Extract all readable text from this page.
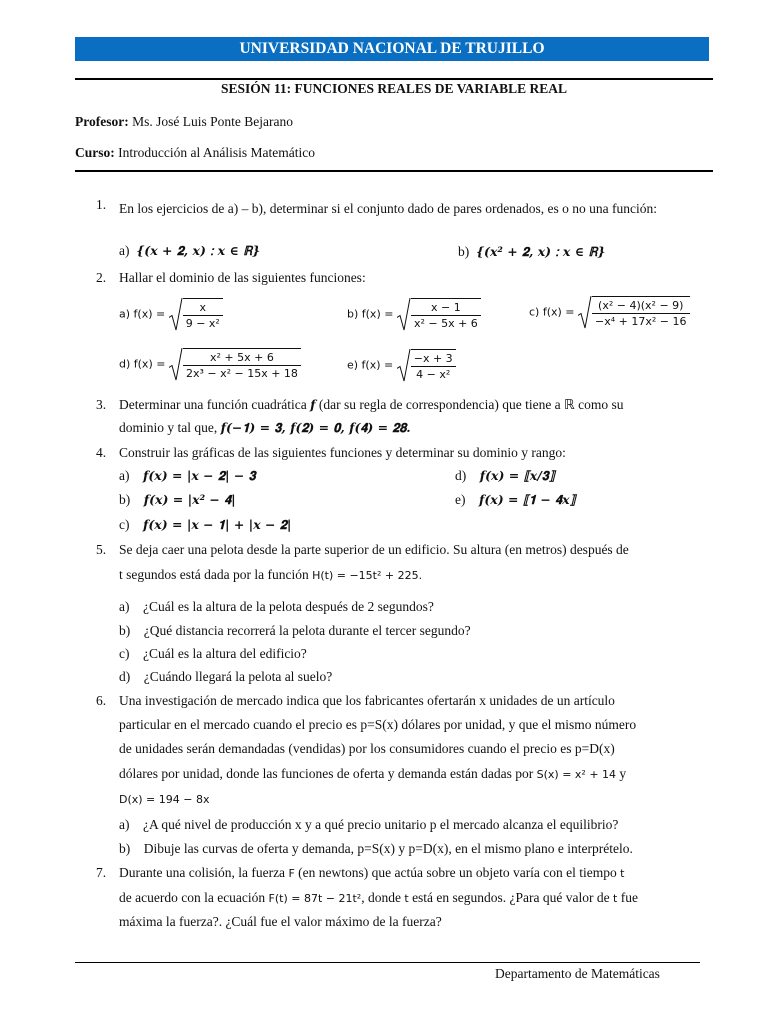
UNIVERSIDAD NACIONAL DE TRUJILLO
SESIÓN 11: FUNCIONES REALES DE VARIABLE REAL
Profesor: Ms. José Luis Ponte Bejarano
Curso: Introducción al Análisis Matemático
1. En los ejercicios de a) – b), determinar si el conjunto dado de pares ordenados, es o no una función:
a) {(𝒙 + 𝟐, 𝒙) ∶ 𝒙 ∈ ℝ}	b) {(𝒙² + 𝟐, 𝒙) ∶ 𝒙 ∈ ℝ}
2. Hallar el dominio de las siguientes funciones:
a) $f(x) = \frac{x}{\text{9 − x²}}$	b) $f(x) = \frac{x - 1}{\text{x² − 5x + 6}}$	c) $f(x) = \frac{\text{(x² − 4)(x² − 9)}}{\text{−x⁴ + 17x² − 16}}$
d) $f(x) = \frac{\text{x² + 5x + 6}}{\text{2x³ − x² − 15x + 18}}$	e) $f(x) = \frac{-x + 3}{\text{4 − x²}}$
3. Determinar una función cuadrática 𝒇 (dar su regla de correspondencia) que tiene a ℝ como su
dominio y tal que, 𝒇(−𝟏) = 𝟑, 𝒇(𝟐) = 𝟎, 𝒇(𝟒) = 𝟐𝟖.
4. Construir las gráficas de las siguientes funciones y determinar su dominio y rango:
a) 𝒇(𝒙) = |𝒙 − 𝟐| − 𝟑	d) 𝒇(𝒙) = ⟦𝒙/𝟑⟧
b) 𝒇(𝒙) = |𝒙² − 𝟒|	e) 𝒇(𝒙) = ⟦𝟏 − 𝟒𝒙⟧
c) 𝒇(𝒙) = |𝒙 − 𝟏| + |𝒙 − 𝟐|
5. Se deja caer una pelota desde la parte superior de un edificio. Su altura (en metros) después de
t segundos está dada por la función H(t) = −15t² + 225.
a) ¿Cuál es la altura de la pelota después de 2 segundos?
b) ¿Qué distancia recorrerá la pelota durante el tercer segundo?
c) ¿Cuál es la altura del edificio?
d) ¿Cuándo llegará la pelota al suelo?
6. Una investigación de mercado indica que los fabricantes ofertarán x unidades de un artículo
particular en el mercado cuando el precio es p=S(x) dólares por unidad, y que el mismo número
de unidades serán demandadas (vendidas) por los consumidores cuando el precio es p=D(x)
dólares por unidad, donde las funciones de oferta y demanda están dadas por S(x) = x² + 14 y
D(x) = 194 − 8x
a) ¿A qué nivel de producción x y a qué precio unitario p el mercado alcanza el equilibrio?
b) Dibuje las curvas de oferta y demanda, p=S(x) y p=D(x), en el mismo plano e interprételo.
7. Durante una colisión, la fuerza F (en newtons) que actúa sobre un objeto varía con el tiempo t
de acuerdo con la ecuación F(t) = 87t − 21t², donde t está en segundos. ¿Para qué valor de t fue
máxima la fuerza?. ¿Cuál fue el valor máximo de la fuerza?
Departamento de Matemáticas
